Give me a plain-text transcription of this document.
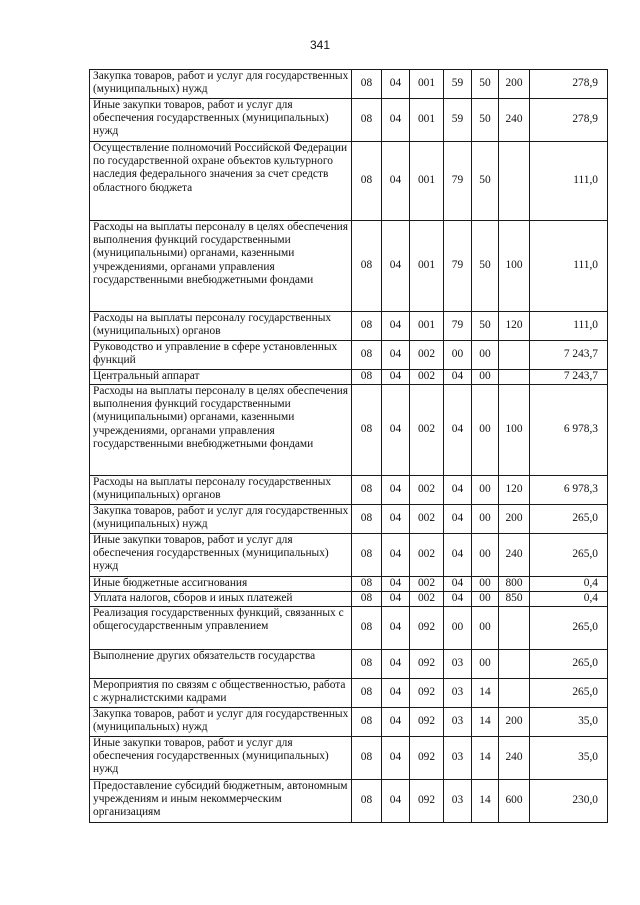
341
Закупка товаров, работ и услуг для государственных (муниципальных) нужд	08	04	001	59	50	200	278,9
Иные закупки товаров, работ и услуг для обеспечения государственных (муниципальных) нужд	08	04	001	59	50	240	278,9
Осуществление полномочий Российской Федерации по государственной охране объектов культурного наследия федерального значения за счет средств областного бюджета	08	04	001	79	50		111,0
Расходы на выплаты персоналу в целях обеспечения выполнения функций государственными (муниципальными) органами, казенными учреждениями, органами управления государственными внебюджетными фондами	08	04	001	79	50	100	111,0
Расходы на выплаты персоналу государственных (муниципальных) органов	08	04	001	79	50	120	111,0
Руководство и управление в сфере установленных функций	08	04	002	00	00		7 243,7
Центральный аппарат	08	04	002	04	00		7 243,7
Расходы на выплаты персоналу в целях обеспечения выполнения функций государственными (муниципальными) органами, казенными учреждениями, органами управления государственными внебюджетными фондами	08	04	002	04	00	100	6 978,3
Расходы на выплаты персоналу государственных (муниципальных) органов	08	04	002	04	00	120	6 978,3
Закупка товаров, работ и услуг для государственных (муниципальных) нужд	08	04	002	04	00	200	265,0
Иные закупки товаров, работ и услуг для обеспечения государственных (муниципальных) нужд	08	04	002	04	00	240	265,0
Иные бюджетные ассигнования	08	04	002	04	00	800	0,4
Уплата налогов, сборов и иных платежей	08	04	002	04	00	850	0,4
Реализация государственных функций, связанных с общегосударственным управлением	08	04	092	00	00		265,0
Выполнение других обязательств государства	08	04	092	03	00		265,0
Мероприятия по связям с общественностью, работа с журналистскими кадрами	08	04	092	03	14		265,0
Закупка товаров, работ и услуг для государственных (муниципальных) нужд	08	04	092	03	14	200	35,0
Иные закупки товаров, работ и услуг для обеспечения государственных (муниципальных) нужд	08	04	092	03	14	240	35,0
Предоставление субсидий бюджетным, автономным учреждениям и иным некоммерческим организациям	08	04	092	03	14	600	230,0
